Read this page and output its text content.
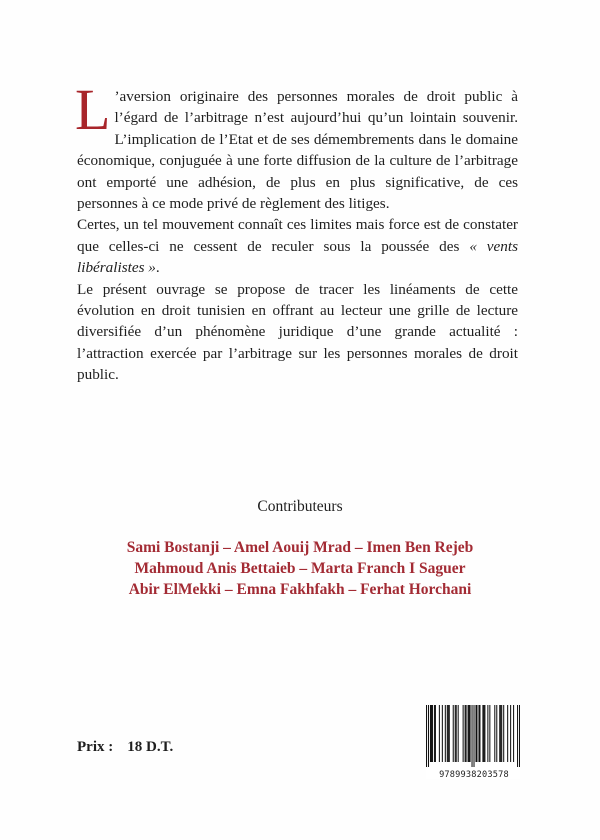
L ’aversion originaire des personnes morales de droit public à l’égard de l’arbitrage n’est aujourd’hui qu’un lointain souvenir. L’implication de l’Etat et de ses démembrements dans le domaine économique, conjuguée à une forte diffusion de la culture de l’arbitrage ont emporté une adhésion, de plus en plus significative, de ces personnes à ce mode privé de règlement des litiges.

Certes, un tel mouvement connaît ces limites mais force est de constater que celles-ci ne cessent de reculer sous la poussée des « vents libéralistes ».

Le présent ouvrage se propose de tracer les linéaments de cette évolution en droit tunisien en offrant au lecteur une grille de lecture diversifiée d’un phénomène juridique d’une grande actualité : l’attraction exercée par l’arbitrage sur les personnes morales de droit public.

Contributeurs
Sami Bostanji – Amel Aouij Mrad – Imen Ben Rejeb
Mahmoud Anis Bettaieb – Marta Franch I Saguer
Abir ElMekki – Emna Fakhfakh – Ferhat Horchani
Prix : 18 D.T.
9789938203578
